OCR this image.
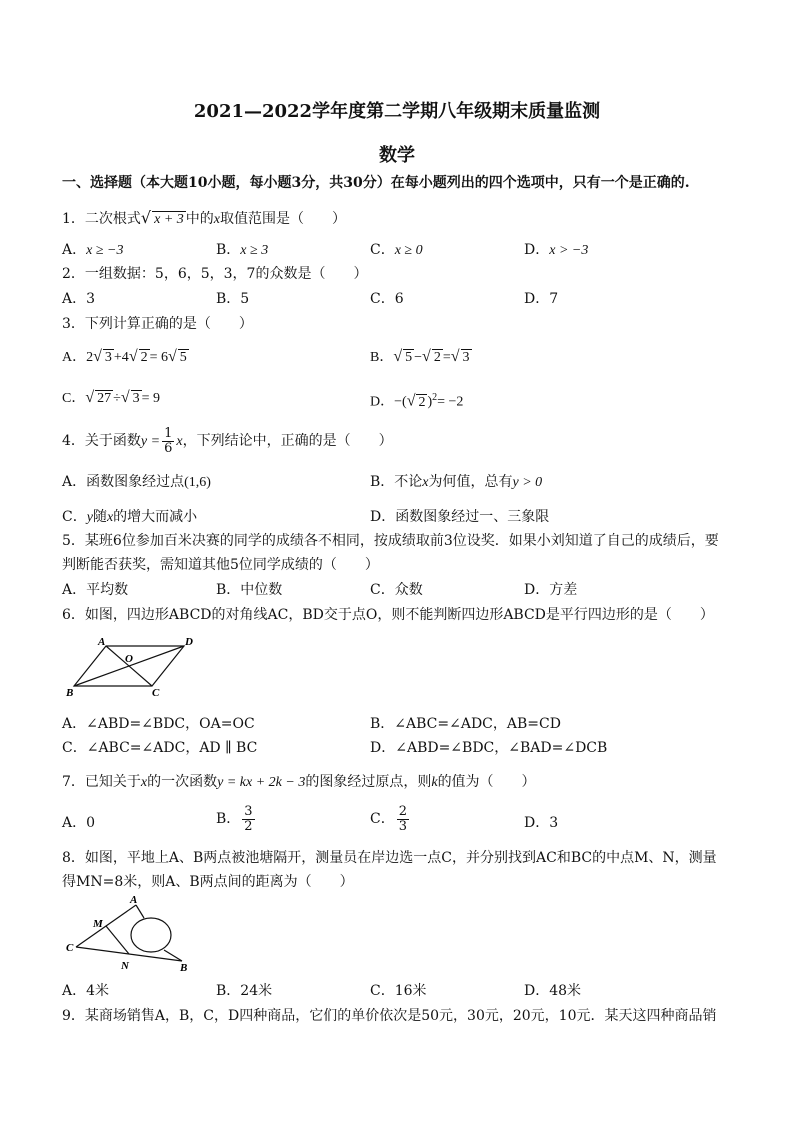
2021—2022学年度第二学期八年级期末质量监测
数学
一、选择题（本大题10小题，每小题3分，共30分）在每小题列出的四个选项中，只有一个是正确的.
1．二次根式√ x + 3 中的x取值范围是（　　）
A．x ≥ −3	B．x ≥ 3	C．x ≥ 0	D．x > −3
2．一组数据：5，6，5，3，7的众数是（　　）
A．3	B．5	C．6	D．7
3．下列计算正确的是（　　）
A．2√ 3 +4√ 2 = 6√ 5	B．√ 5 −√ 2 =√ 3
C．√ 27 ÷√ 3 = 9	D．−(√ 2 )$^2$= −2
4．关于函数$y = \frac{1}{6}$ x，下列结论中，正确的是（　　）
A．函数图象经过点(1,6)	B．不论x为何值，总有y > 0
C．y随x的增大而减小	D．函数图象经过一、三象限
5．某班6位参加百米决赛的同学的成绩各不相同，按成绩取前3位设奖．如果小刘知道了自己的成绩后，要
判断能否获奖，需知道其他5位同学成绩的（　　）
A．平均数	B．中位数	C．众数	D．方差
6．如图，四边形ABCD的对角线AC，BD交于点O，则不能判断四边形ABCD是平行四边形的是（　　）
A	D
O
B	C
A．∠ABD=∠BDC，OA=OC	B．∠ABC=∠ADC，AB=CD
C．∠ABC=∠ADC，AD ∥ BC	D．∠ABD=∠BDC，∠BAD=∠DCB
7．已知关于x的一次函数y = kx + 2k − 3的图象经过原点，则k的值为（　　）
A．0	B． $\frac{3}{2}$	C． $\frac{2}{3}$	D．3
8．如图，平地上A、B两点被池塘隔开，测量员在岸边选一点C，并分别找到AC和BC的中点M、N，测量
得MN=8米，则A、B两点间的距离为（　　）
A
M
C
N	B
A．4米	B．24米	C．16米	D．48米
9．某商场销售A，B，C，D四种商品，它们的单价依次是50元，30元，20元，10元．某天这四种商品销
